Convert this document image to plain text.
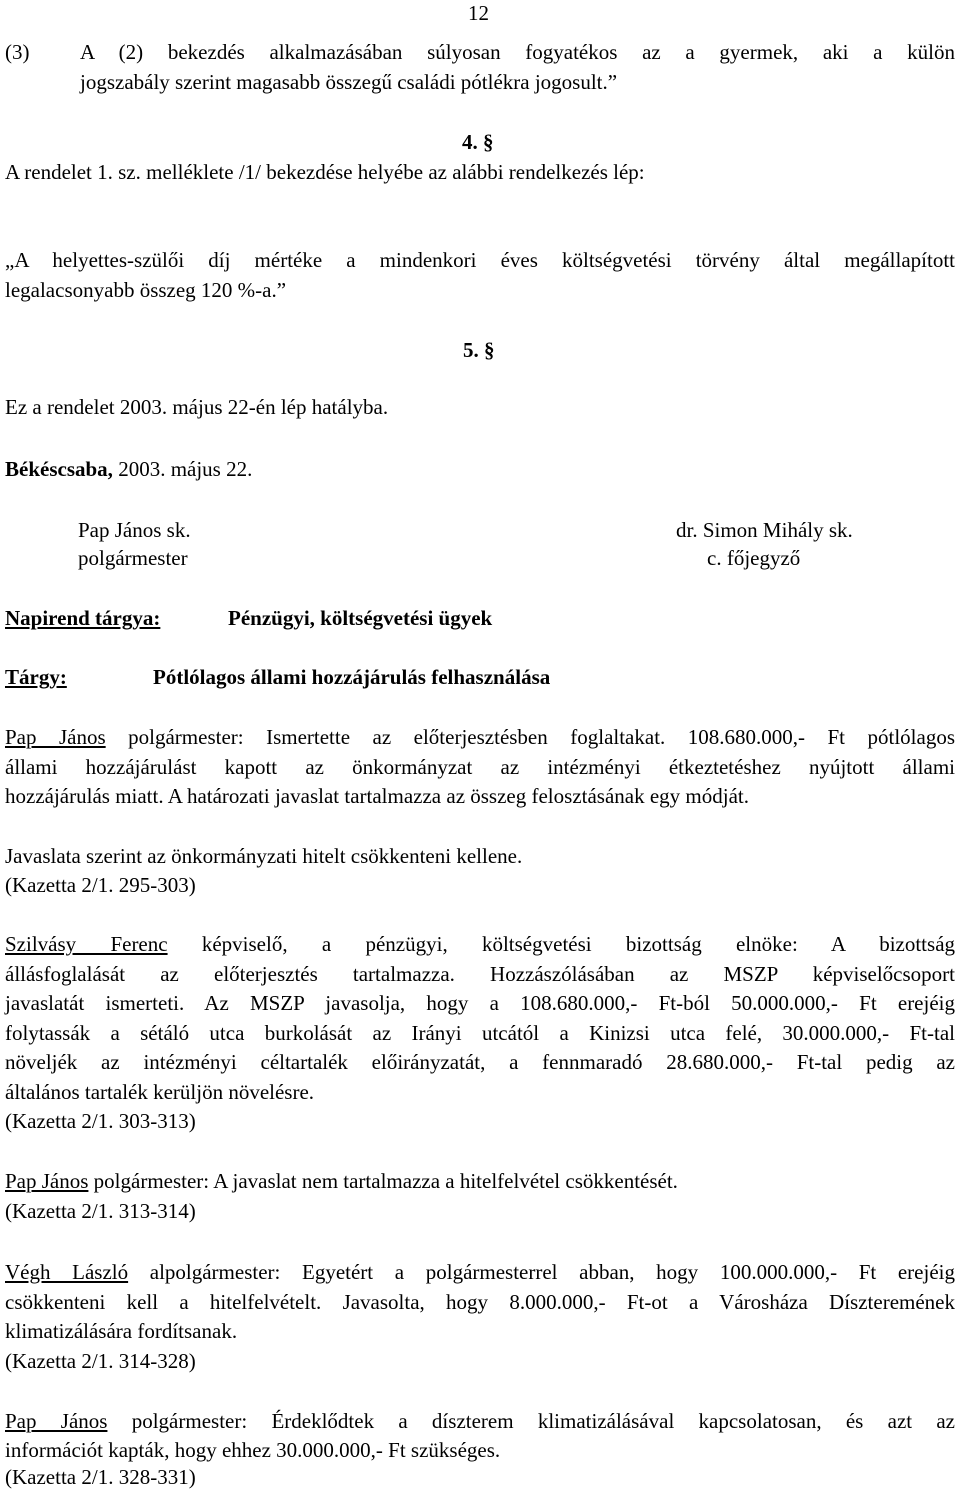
12
(3) A (2) bekezdés alkalmazásában súlyosan fogyatékos az a gyermek, aki a külön
jogszabály szerint magasabb összegű családi pótlékra jogosult.”
4. §
A rendelet 1. sz. melléklete /1/ bekezdése helyébe az alábbi rendelkezés lép:
„A helyettes-szülői díj mértéke a mindenkori éves költségvetési törvény által megállapított
legalacsonyabb összeg 120 %-a.”
5. §
Ez a rendelet 2003. május 22-én lép hatályba.
Békéscsaba, 2003. május 22.
Pap János sk.
polgármester
dr. Simon Mihály sk.
c. főjegyző
Napirend tárgya:	Pénzügyi, költségvetési ügyek
Tárgy:	Pótlólagos állami hozzájárulás felhasználása
Pap János polgármester: Ismertette az előterjesztésben foglaltakat. 108.680.000,- Ft pótlólagos
állami hozzájárulást kapott az önkormányzat az intézményi étkeztetéshez nyújtott állami
hozzájárulás miatt. A határozati javaslat tartalmazza az összeg felosztásának egy módját.
Javaslata szerint az önkormányzati hitelt csökkenteni kellene.
(Kazetta 2/1. 295-303)
Szilvásy Ferenc képviselő, a pénzügyi, költségvetési bizottság elnöke: A bizottság
állásfoglalását az előterjesztés tartalmazza. Hozzászólásában az MSZP képviselőcsoport
javaslatát ismerteti. Az MSZP javasolja, hogy a 108.680.000,- Ft-ból 50.000.000,- Ft erejéig
folytassák a sétáló utca burkolását az Irányi utcától a Kinizsi utca felé, 30.000.000,- Ft-tal
növeljék az intézményi céltartalék előirányzatát, a fennmaradó 28.680.000,- Ft-tal pedig az
általános tartalék kerüljön növelésre.
(Kazetta 2/1. 303-313)
Pap János polgármester: A javaslat nem tartalmazza a hitelfelvétel csökkentését.
(Kazetta 2/1. 313-314)
Végh László alpolgármester: Egyetért a polgármesterrel abban, hogy 100.000.000,- Ft erejéig
csökkenteni kell a hitelfelvételt. Javasolta, hogy 8.000.000,- Ft-ot a Városháza Díszteremének
klimatizálására fordítsanak.
(Kazetta 2/1. 314-328)
Pap János polgármester: Érdeklődtek a díszterem klimatizálásával kapcsolatosan, és azt az
információt kapták, hogy ehhez 30.000.000,- Ft szükséges.
(Kazetta 2/1. 328-331)
